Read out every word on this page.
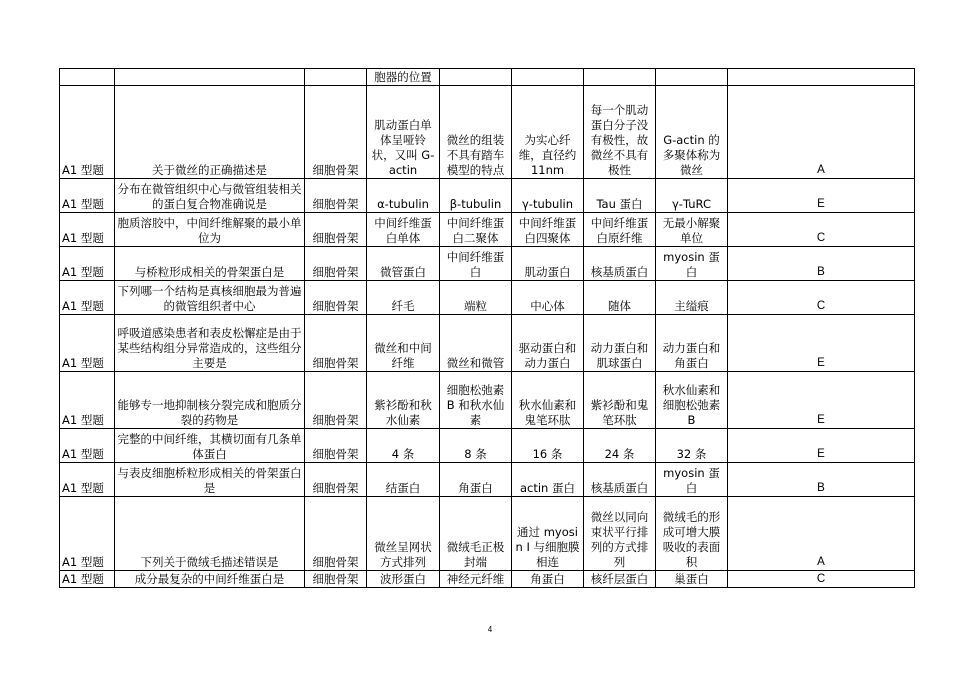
			胞器的位置					
A1 型题	关于微丝的正确描述是	细胞骨架	肌动蛋白单体呈哑铃状，又叫 G-actin	微丝的组装不具有踏车模型的特点	为实心纤维，直径约 11nm	每一个肌动蛋白分子没有极性，故微丝不具有极性	G-actin 的多聚体称为微丝	A
A1 型题	分布在微管组织中心与微管组装相关的蛋白复合物准确说是	细胞骨架	α-tubulin	β-tubulin	γ-tubulin	Tau 蛋白	γ-TuRC	E
A1 型题	胞质溶胶中，中间纤维解聚的最小单位为	细胞骨架	中间纤维蛋白单体	中间纤维蛋白二聚体	中间纤维蛋白四聚体	中间纤维蛋白原纤维	无最小解聚单位	C
A1 型题	与桥粒形成相关的骨架蛋白是	细胞骨架	微管蛋白	中间纤维蛋白	肌动蛋白	核基质蛋白	myosin 蛋白	B
A1 型题	下列哪一个结构是真核细胞最为普遍的微管组织者中心	细胞骨架	纤毛	端粒	中心体	随体	主缢痕	C
A1 型题	呼吸道感染患者和表皮松懈症是由于某些结构组分异常造成的，这些组分主要是	细胞骨架	微丝和中间纤维	微丝和微管	驱动蛋白和动力蛋白	动力蛋白和肌球蛋白	动力蛋白和角蛋白	E
A1 型题	能够专一地抑制核分裂完成和胞质分裂的药物是	细胞骨架	紫衫酚和秋水仙素	细胞松弛素 B 和秋水仙素	秋水仙素和鬼笔环肽	紫衫酚和鬼笔环肽	秋水仙素和细胞松弛素 B	E
A1 型题	完整的中间纤维，其横切面有几条单体蛋白	细胞骨架	4 条	8 条	16 条	24 条	32 条	E
A1 型题	与表皮细胞桥粒形成相关的骨架蛋白是	细胞骨架	结蛋白	角蛋白	actin 蛋白	核基质蛋白	myosin 蛋白	B
A1 型题	下列关于微绒毛描述错误是	细胞骨架	微丝呈网状方式排列	微绒毛正极封端	通过 myosin Ⅰ 与细胞膜相连	微丝以同向束状平行排列的方式排列	微绒毛的形成可增大膜吸收的表面积	A
A1 型题	成分最复杂的中间纤维蛋白是	细胞骨架	波形蛋白	神经元纤维	角蛋白	核纤层蛋白	巢蛋白	C
4
